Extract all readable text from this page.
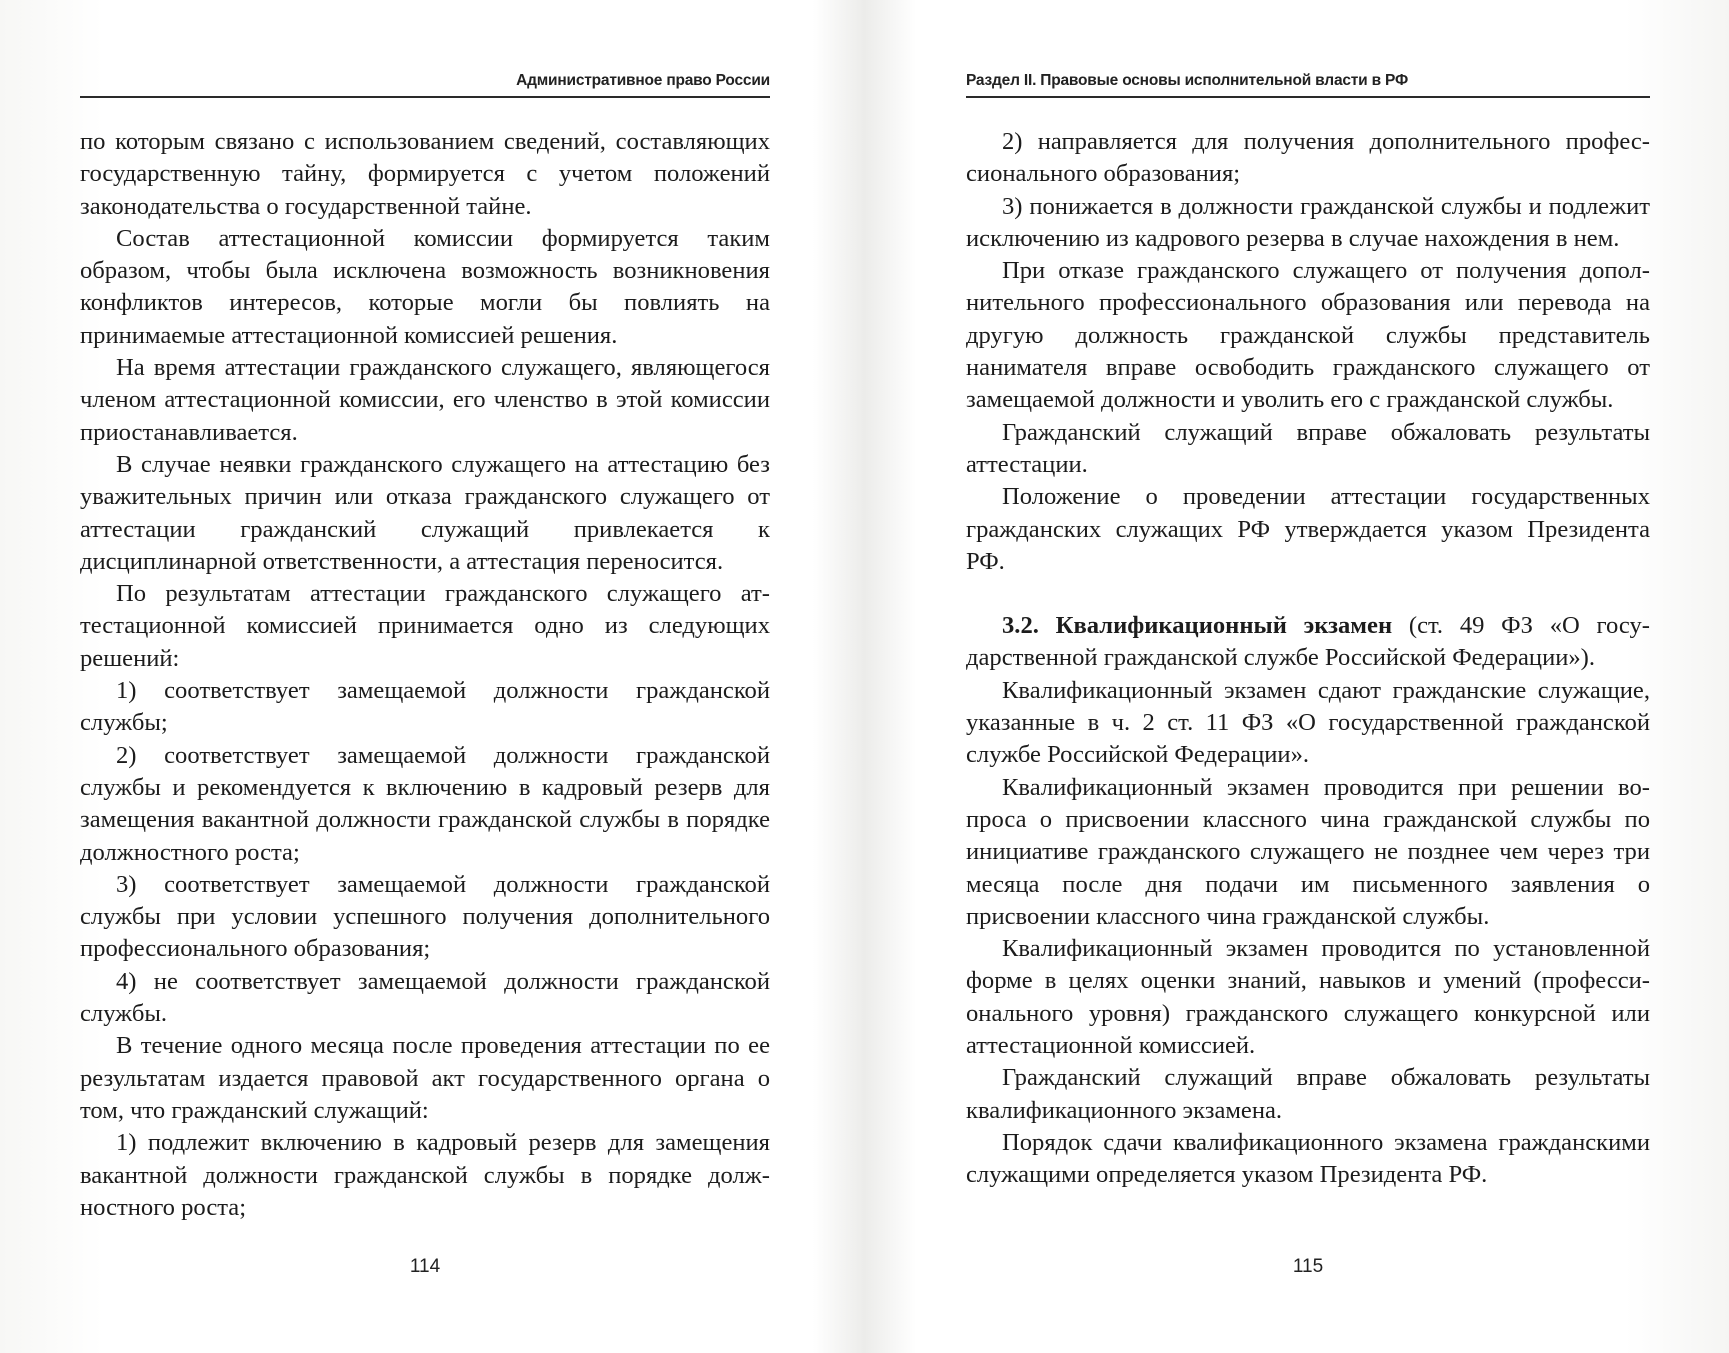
Административное право России

по которым связано с использованием сведений, составляющих государственную тайну, формируется с учетом положений законодательства о государственной тайне.

Состав аттестационной комиссии формируется таким образом, чтобы была исключена возможность возникновения конфликтов интересов, которые могли бы повлиять на принимаемые аттестационной комиссией решения.

На время аттестации гражданского служащего, являющегося членом аттестационной комиссии, его членство в этой комиссии приостанавливается.

В случае неявки гражданского служащего на аттестацию без уважительных причин или отказа гражданского служащего от аттестации гражданский служащий привлекается к дисциплинарной ответственности, а аттестация переносится.

По результатам аттестации гражданского служащего аттестационной комиссией принимается одно из следующих решений:

1) соответствует замещаемой должности гражданской службы;

2) соответствует замещаемой должности гражданской службы и рекомендуется к включению в кадровый резерв для замещения вакантной должности гражданской службы в порядке должностного роста;

3) соответствует замещаемой должности гражданской службы при условии успешного получения дополнительного профессионального образования;

4) не соответствует замещаемой должности гражданской службы.

В течение одного месяца после проведения аттестации по ее результатам издается правовой акт государственного органа о том, что гражданский служащий:

1) подлежит включению в кадровый резерв для замещения вакантной должности гражданской службы в порядке должностного роста;

114
Раздел II. Правовые основы исполнительной власти в РФ

2) направляется для получения дополнительного профессионального образования;

3) понижается в должности гражданской службы и подлежит исключению из кадрового резерва в случае нахождения в нем.

При отказе гражданского служащего от получения дополнительного профессионального образования или перевода на другую должность гражданской службы представитель нанимателя вправе освободить гражданского служащего от замещаемой должности и уволить его с гражданской службы.

Гражданский служащий вправе обжаловать результаты аттестации.

Положение о проведении аттестации государственных гражданских служащих РФ утверждается указом Президента РФ.

3.2. Квалификационный экзамен (ст. 49 ФЗ «О государственной гражданской службе Российской Федерации»).

Квалификационный экзамен сдают гражданские служащие, указанные в ч. 2 ст. 11 ФЗ «О государственной гражданской службе Российской Федерации».

Квалификационный экзамен проводится при решении вопроса о присвоении классного чина гражданской службы по инициативе гражданского служащего не позднее чем через три месяца после дня подачи им письменного заявления о присвоении классного чина гражданской службы.

Квалификационный экзамен проводится по установленной форме в целях оценки знаний, навыков и умений (профессионального уровня) гражданского служащего конкурсной или аттестационной комиссией.

Гражданский служащий вправе обжаловать результаты квалификационного экзамена.

Порядок сдачи квалификационного экзамена гражданскими служащими определяется указом Президента РФ.

115
